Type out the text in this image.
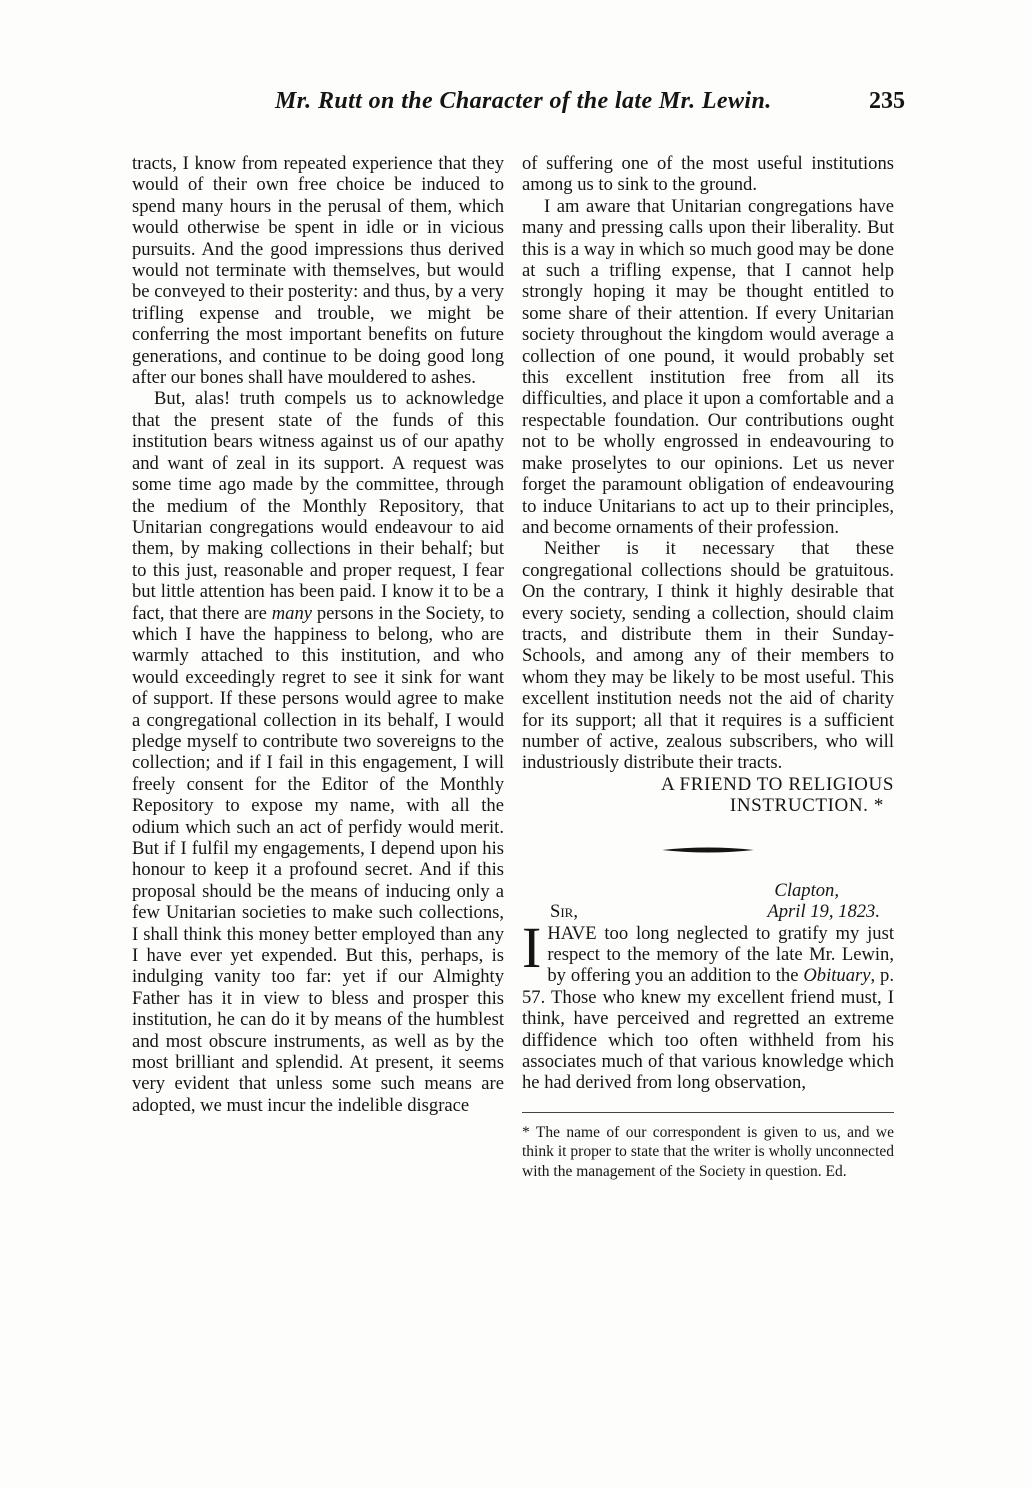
Mr. Rutt on the Character of the late Mr. Lewin.	235

tracts, I know from repeated experience that they would of their own free choice be induced to spend many hours in the perusal of them, which would otherwise be spent in idle or in vicious pursuits. And the good impressions thus derived would not terminate with themselves, but would be conveyed to their posterity: and thus, by a very trifling expense and trouble, we might be conferring the most important benefits on future generations, and continue to be doing good long after our bones shall have mouldered to ashes.

But, alas! truth compels us to acknowledge that the present state of the funds of this institution bears witness against us of our apathy and want of zeal in its support. A request was some time ago made by the committee, through the medium of the Monthly Repository, that Unitarian congregations would endeavour to aid them, by making collections in their behalf; but to this just, reasonable and proper request, I fear but little attention has been paid. I know it to be a fact, that there are many persons in the Society, to which I have the happiness to belong, who are warmly attached to this institution, and who would exceedingly regret to see it sink for want of support. If these persons would agree to make a congregational collection in its behalf, I would pledge myself to contribute two sovereigns to the collection; and if I fail in this engagement, I will freely consent for the Editor of the Monthly Repository to expose my name, with all the odium which such an act of perfidy would merit. But if I fulfil my engagements, I depend upon his honour to keep it a profound secret. And if this proposal should be the means of inducing only a few Unitarian societies to make such collections, I shall think this money better employed than any I have ever yet expended. But this, perhaps, is indulging vanity too far: yet if our Almighty Father has it in view to bless and prosper this institution, he can do it by means of the humblest and most obscure instruments, as well as by the most brilliant and splendid. At present, it seems very evident that unless some such means are adopted, we must incur the indelible disgrace

of suffering one of the most useful institutions among us to sink to the ground.

I am aware that Unitarian congregations have many and pressing calls upon their liberality. But this is a way in which so much good may be done at such a trifling expense, that I cannot help strongly hoping it may be thought entitled to some share of their attention. If every Unitarian society throughout the kingdom would average a collection of one pound, it would probably set this excellent institution free from all its difficulties, and place it upon a comfortable and a respectable foundation. Our contributions ought not to be wholly engrossed in endeavouring to make proselytes to our opinions. Let us never forget the paramount obligation of endeavouring to induce Unitarians to act up to their principles, and become ornaments of their profession.

Neither is it necessary that these congregational collections should be gratuitous. On the contrary, I think it highly desirable that every society, sending a collection, should claim tracts, and distribute them in their Sunday-Schools, and among any of their members to whom they may be likely to be most useful. This excellent institution needs not the aid of charity for its support; all that it requires is a sufficient number of active, zealous subscribers, who will industriously distribute their tracts.

A FRIEND TO RELIGIOUS

INSTRUCTION. *

Clapton,

Sir,	April 19, 1823.

IHAVE too long neglected to gratify my just respect to the memory of the late Mr. Lewin, by offering you an addition to the Obituary, p. 57. Those who knew my excellent friend must, I think, have perceived and regretted an extreme diffidence which too often withheld from his associates much of that various knowledge which he had derived from long observation,

* The name of our correspondent is given to us, and we think it proper to state that the writer is wholly unconnected with the management of the Society in question. Ed.
